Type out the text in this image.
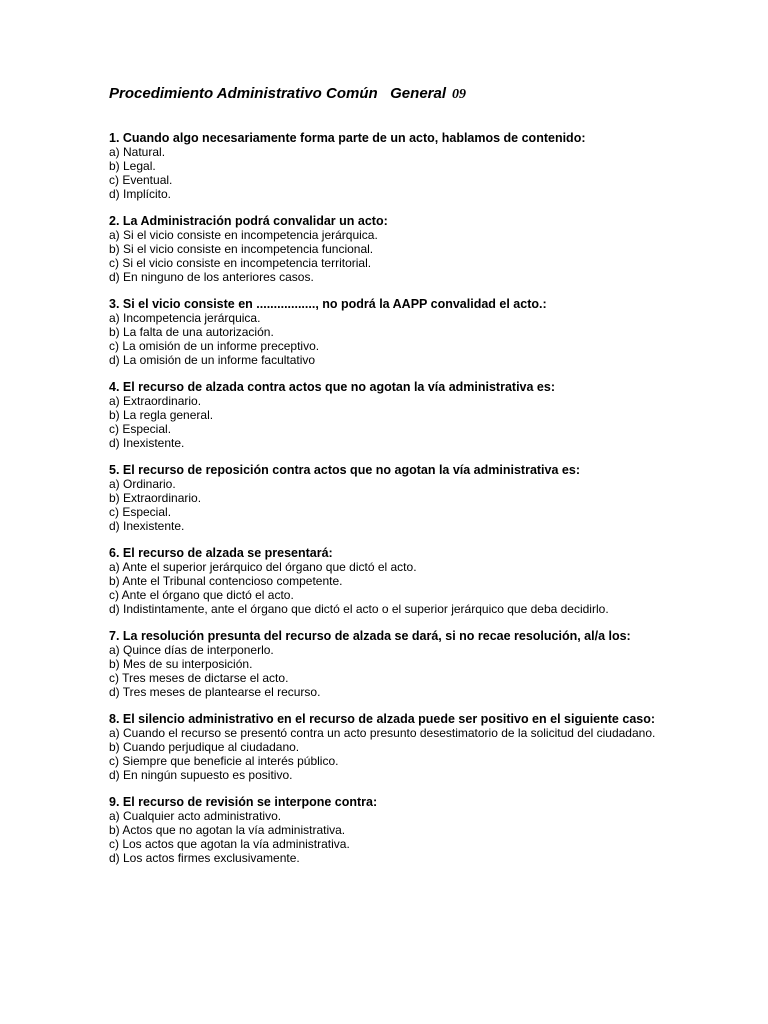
Procedimiento Administrativo Común   General 09

1. Cuando algo necesariamente forma parte de un acto, hablamos de contenido:

a) Natural.

b) Legal.

c) Eventual.

d) Implícito.

2. La Administración podrá convalidar un acto:

a) Si el vicio consiste en incompetencia jerárquica.

b) Si el vicio consiste en incompetencia funcional.

c) Si el vicio consiste en incompetencia territorial.

d) En ninguno de los anteriores casos.

3. Si el vicio consiste en ................., no podrá la AAPP convalidad el acto.:

a) Incompetencia jerárquica.

b) La falta de una autorización.

c) La omisión de un informe preceptivo.

d) La omisión de un informe facultativo

4. El recurso de alzada contra actos que no agotan la vía administrativa es:

a) Extraordinario.

b) La regla general.

c) Especial.

d) Inexistente.

5. El recurso de reposición contra actos que no agotan la vía administrativa es:

a) Ordinario.

b) Extraordinario.

c) Especial.

d) Inexistente.

6. El recurso de alzada se presentará:

a) Ante el superior jerárquico del órgano que dictó el acto.

b) Ante el Tribunal contencioso competente.

c) Ante el órgano que dictó el acto.

d) Indistintamente, ante el órgano que dictó el acto o el superior jerárquico que deba decidirlo.

7. La resolución presunta del recurso de alzada se dará, si no recae resolución, al/a los:

a) Quince días de interponerlo.

b) Mes de su interposición.

c) Tres meses de dictarse el acto.

d) Tres meses de plantearse el recurso.

8. El silencio administrativo en el recurso de alzada puede ser positivo en el siguiente caso:

a) Cuando el recurso se presentó contra un acto presunto desestimatorio de la solicitud del ciudadano.

b) Cuando perjudique al ciudadano.

c) Siempre que beneficie al interés público.

d) En ningún supuesto es positivo.

9. El recurso de revisión se interpone contra:

a) Cualquier acto administrativo.

b) Actos que no agotan la vía administrativa.

c) Los actos que agotan la vía administrativa.

d) Los actos firmes exclusivamente.
